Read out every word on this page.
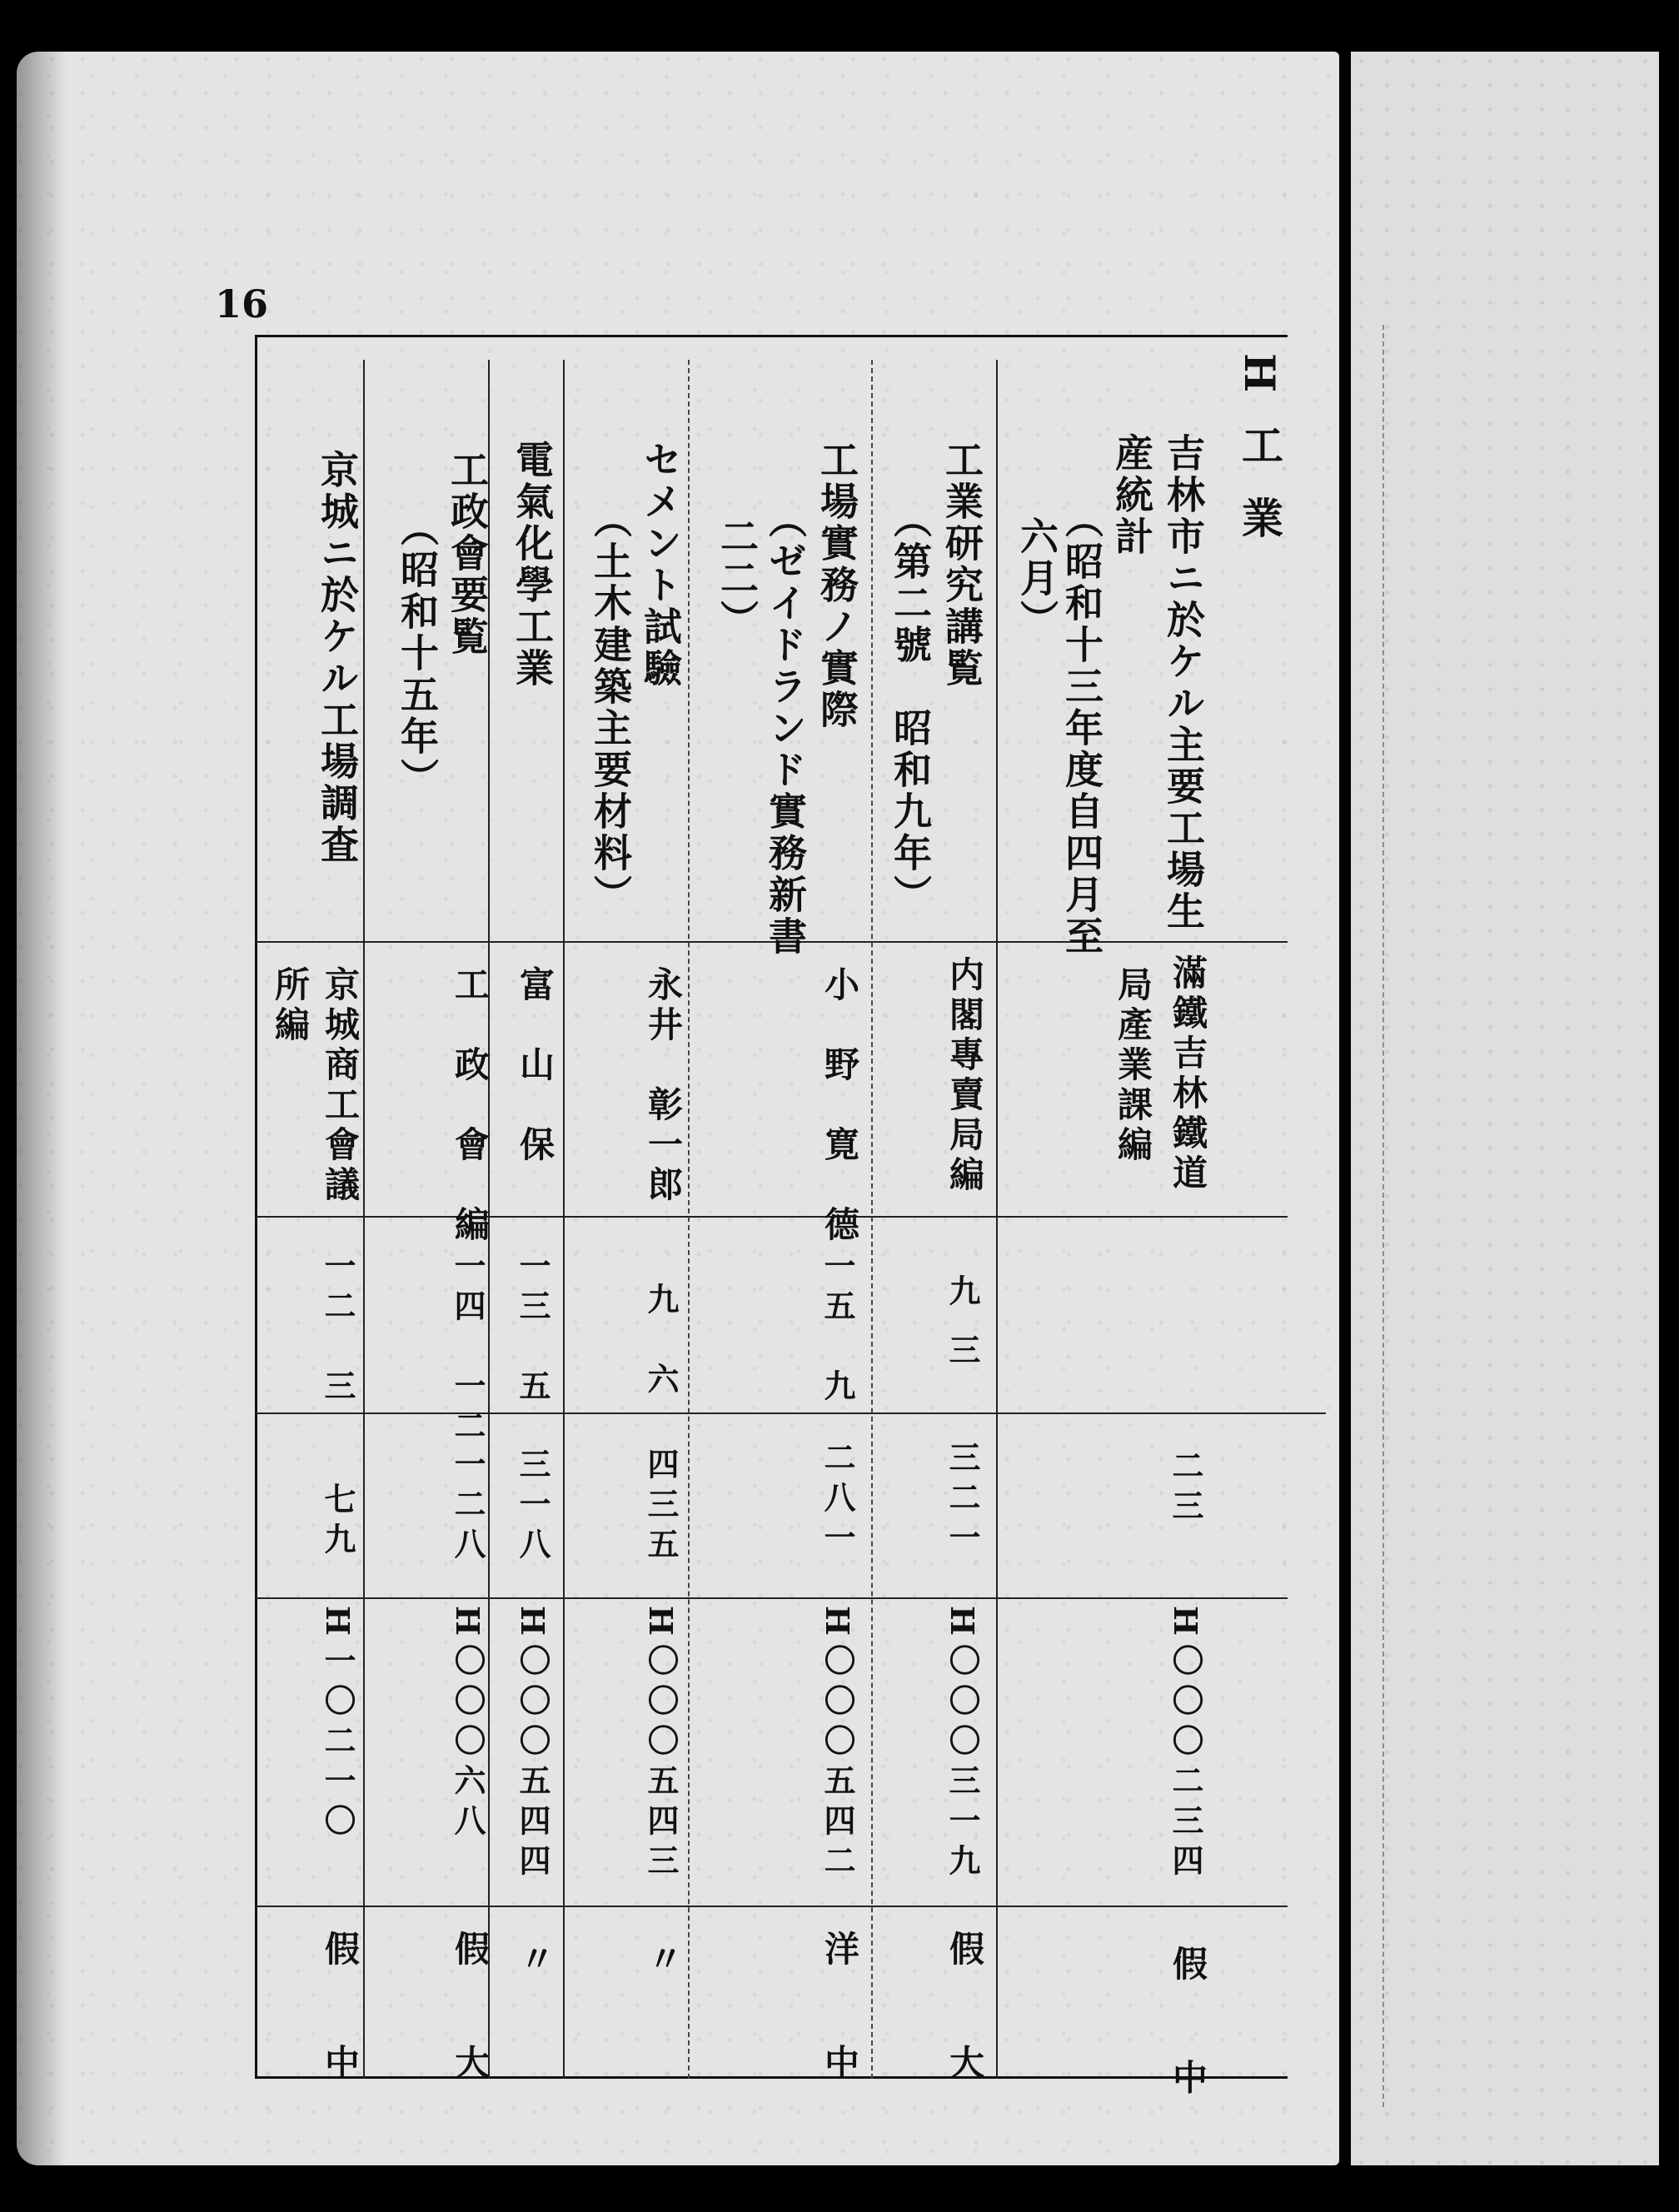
16
H 工 業
吉林市ニ於ケル主要工場生
産統計
（昭和十三年度自四月至
六月）
滿鐵吉林鐵道
局產業課編
二三
H〇〇〇二三四
假 中
工業研究講覧
（第二號　昭和九年）
内閣專賣局編
九 三
三二一
H〇〇〇三一九
假 大
工場實務ノ實際
（ゼイドランド實務新書
二二）
小　野　寛　德
一五　九
二八一
H〇〇〇五四二
洋 中
セメント試驗
（土木建築主要材料）
永井　彰一郎
九　六
四三五
H〇〇〇五四三
〃
電氣化學工業
富　山　保
一三　五
三一八
H〇〇〇五四四
〃
工政會要覧
（昭和十五年）
工　政　會　編
一四　一二
一二八
H〇〇〇六八
假 大
京城ニ於ケル工場調査
京城商工會議
所編
一二　三
七九
H一〇二一〇
假 中
